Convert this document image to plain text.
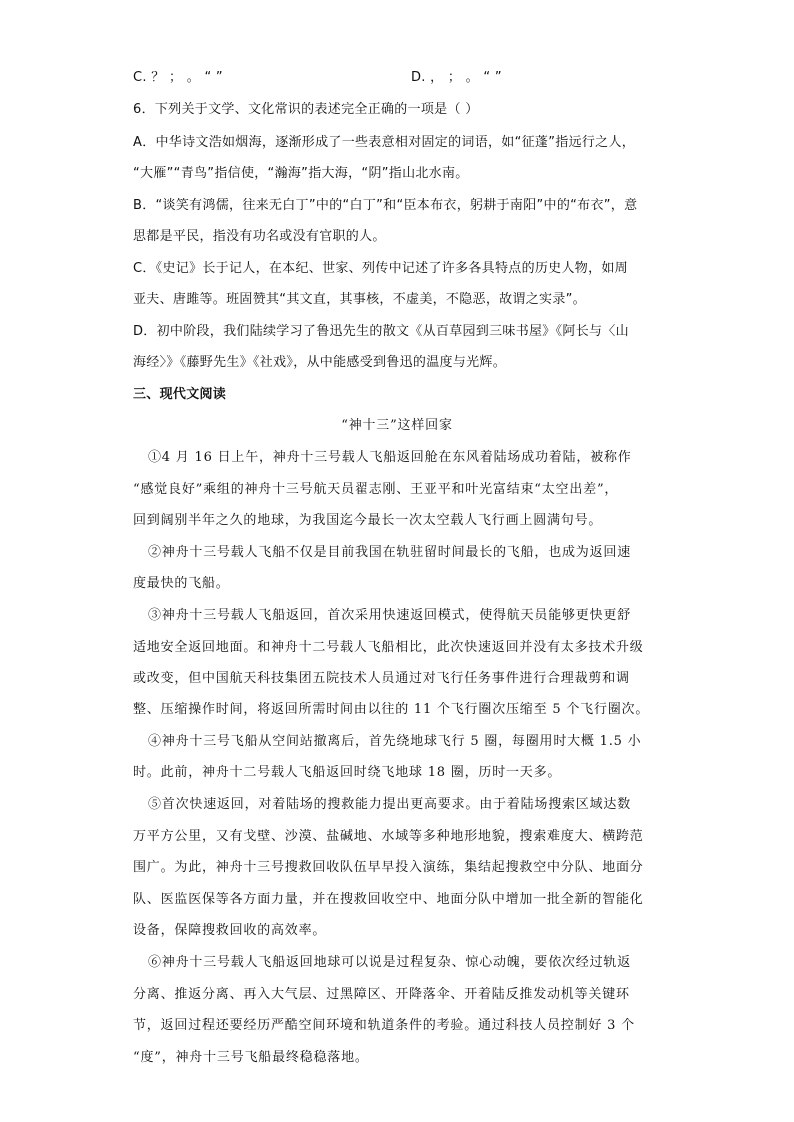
C. ？ ； 。 “ ”	D. ， ； 。 “ ”
6．下列关于文学、文化常识的表述完全正确的一项是（ ）
A．中华诗文浩如烟海，逐渐形成了一些表意相对固定的词语，如“征蓬”指远行之人，
“大雁”“青鸟”指信使，“瀚海”指大海，“阴”指山北水南。
B．“谈笑有鸿儒，往来无白丁”中的“白丁”和“臣本布衣，躬耕于南阳”中的“布衣”，意
思都是平民，指没有功名或没有官职的人。
C．《史记》长于记人，在本纪、世家、列传中记述了许多各具特点的历史人物，如周
亚夫、唐雎等。班固赞其“其文直，其事核，不虚美，不隐恶，故谓之实录”。
D．初中阶段，我们陆续学习了鲁迅先生的散文《从百草园到三味书屋》《阿长与〈山
海经〉》《藤野先生》《社戏》，从中能感受到鲁迅的温度与光辉。
三、现代文阅读
“神十三”这样回家
①4 月 16 日上午，神舟十三号载人飞船返回舱在东风着陆场成功着陆，被称作
“感觉良好”乘组的神舟十三号航天员翟志刚、王亚平和叶光富结束“太空出差”，
回到阔别半年之久的地球，为我国迄今最长一次太空载人飞行画上圆满句号。
②神舟十三号载人飞船不仅是目前我国在轨驻留时间最长的飞船，也成为返回速
度最快的飞船。
③神舟十三号载人飞船返回，首次采用快速返回模式，使得航天员能够更快更舒
适地安全返回地面。和神舟十二号载人飞船相比，此次快速返回并没有太多技术升级
或改变，但中国航天科技集团五院技术人员通过对飞行任务事件进行合理裁剪和调
整、压缩操作时间，将返回所需时间由以往的 11 个飞行圈次压缩至 5 个飞行圈次。
④神舟十三号飞船从空间站撤离后，首先绕地球飞行 5 圈，每圈用时大概 1.5 小
时。此前，神舟十二号载人飞船返回时绕飞地球 18 圈，历时一天多。
⑤首次快速返回，对着陆场的搜救能力提出更高要求。由于着陆场搜索区域达数
万平方公里，又有戈壁、沙漠、盐碱地、水域等多种地形地貌，搜索难度大、横跨范
围广。为此，神舟十三号搜救回收队伍早早投入演练，集结起搜救空中分队、地面分
队、医监医保等各方面力量，并在搜救回收空中、地面分队中增加一批全新的智能化
设备，保障搜救回收的高效率。
⑥神舟十三号载人飞船返回地球可以说是过程复杂、惊心动魄，要依次经过轨返
分离、推返分离、再入大气层、过黑障区、开降落伞、开着陆反推发动机等关键环
节，返回过程还要经历严酷空间环境和轨道条件的考验。通过科技人员控制好 3 个
“度”，神舟十三号飞船最终稳稳落地。
